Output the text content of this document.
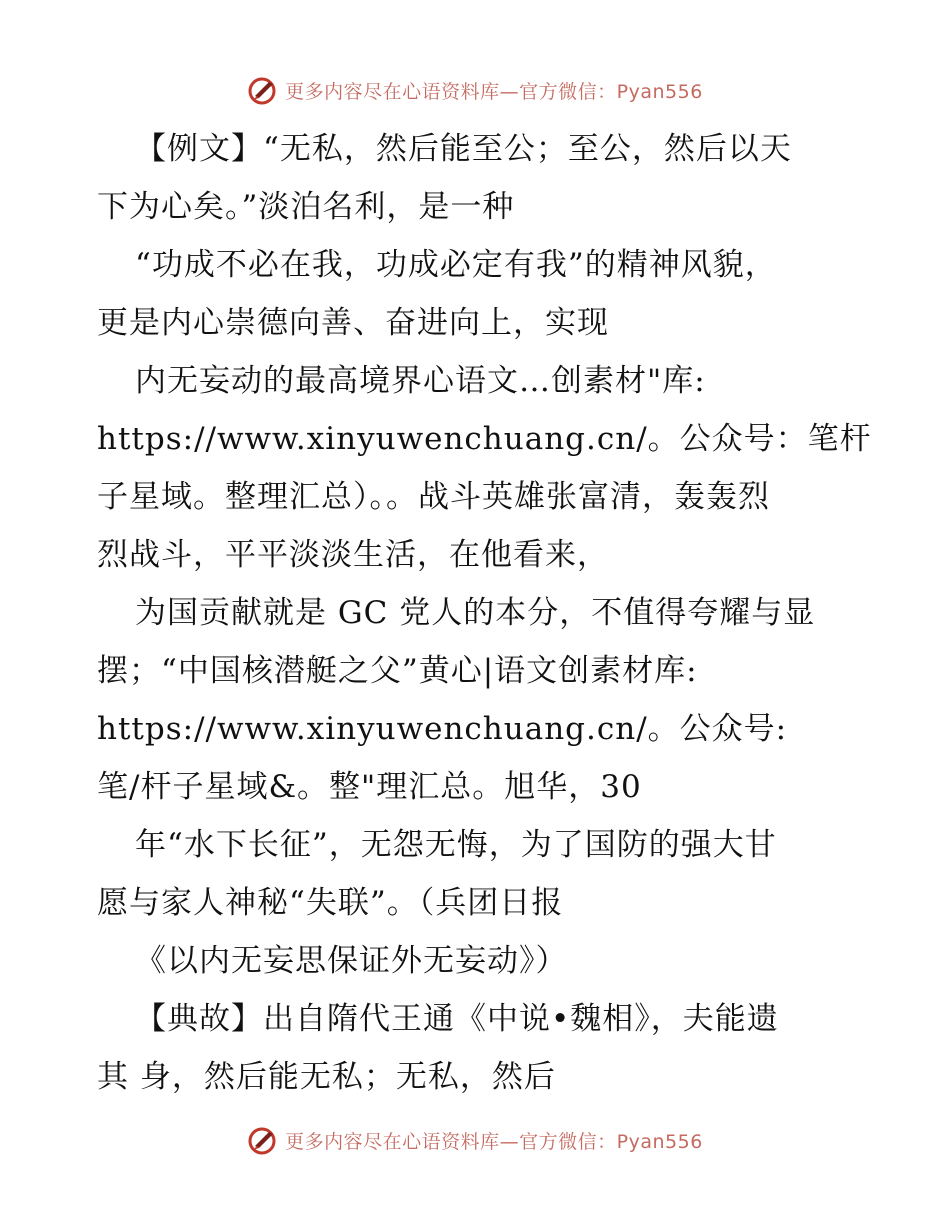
更多内容尽在心语资料库—官方微信：Pyan556
【例文】“无私，然后能至公；至公，然后以天
下为心矣。”淡泊名利，是一种
“功成不必在我，功成必定有我”的精神风貌，
更是内心崇德向善、奋进向上，实现
内无妄动的最高境界心语文…创素材"库:
https://www.xinyuwenchuang.cn/。公众号：笔杆
子星域。整理汇总）。。战斗英雄张富清，轰轰烈
烈战斗，平平淡淡生活，在他看来，
为国贡献就是 GC 党人的本分，不值得夸耀与显
摆；“中国核潜艇之父”黄心|语文创素材库:
https://www.xinyuwenchuang.cn/。公众号:
笔/杆子星域&。整"理汇总。旭华，30
年“水下长征”，无怨无悔，为了国防的强大甘
愿与家人神秘“失联”。（兵团日报
《以内无妄思保证外无妄动》）
【典故】出自隋代王通《中说•魏相》，夫能遗
其 身，然后能无私；无私，然后
更多内容尽在心语资料库—官方微信：Pyan556
